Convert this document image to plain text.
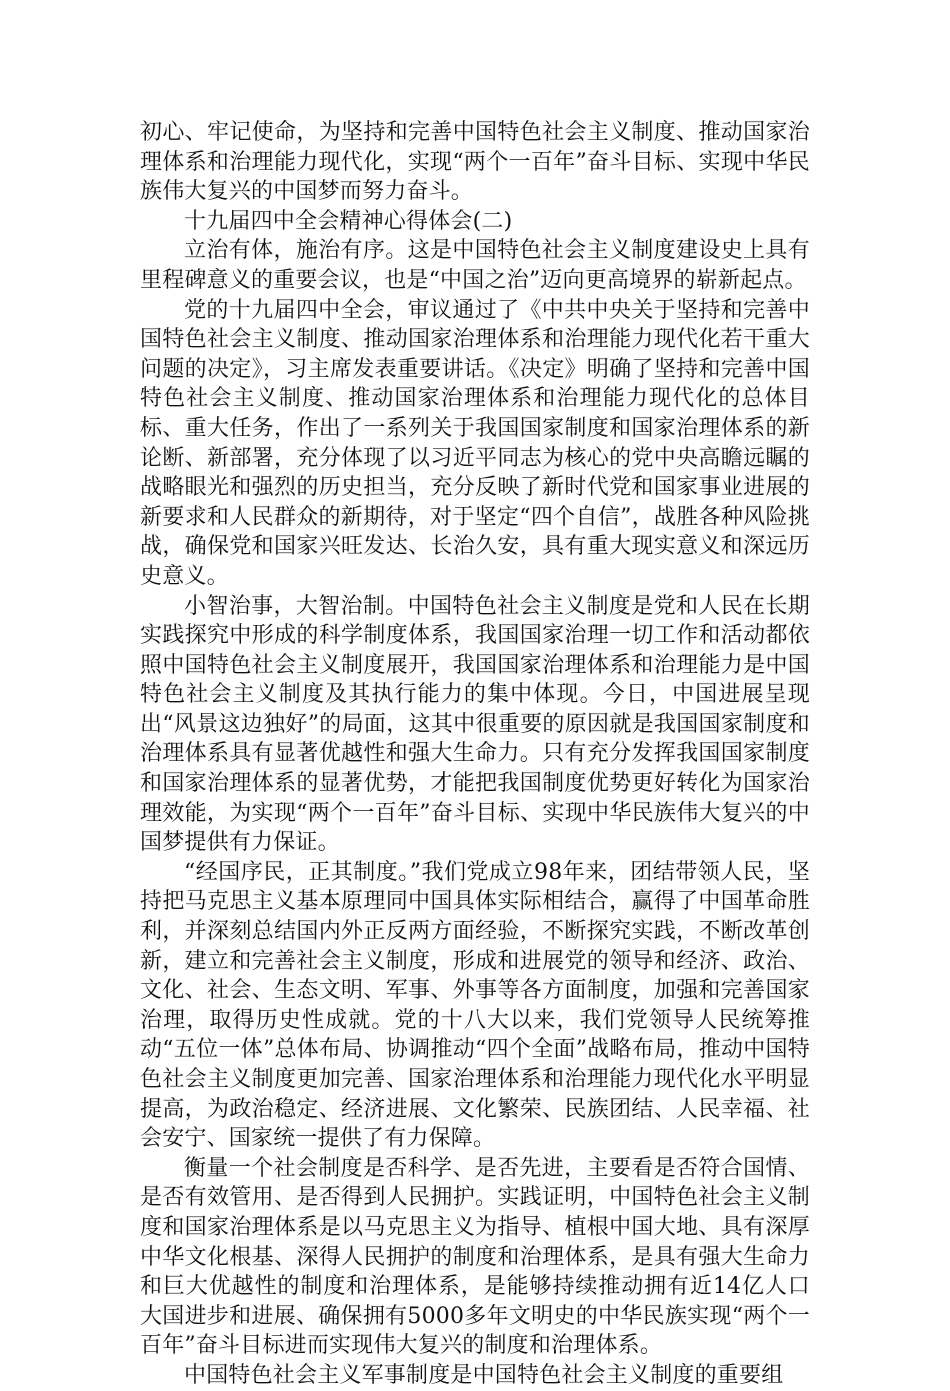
初心、牢记使命，为坚持和完善中国特色社会主义制度、推动国家治理体系和治理能力现代化，实现“两个一百年”奋斗目标、实现中华民族伟大复兴的中国梦而努力奋斗。

十九届四中全会精神心得体会(二)

立治有体，施治有序。这是中国特色社会主义制度建设史上具有里程碑意义的重要会议，也是“中国之治”迈向更高境界的崭新起点。

党的十九届四中全会，审议通过了《中共中央关于坚持和完善中国特色社会主义制度、推动国家治理体系和治理能力现代化若干重大问题的决定》，习主席发表重要讲话。《决定》明确了坚持和完善中国特色社会主义制度、推动国家治理体系和治理能力现代化的总体目标、重大任务，作出了一系列关于我国国家制度和国家治理体系的新论断、新部署，充分体现了以习近平同志为核心的党中央高瞻远瞩的战略眼光和强烈的历史担当，充分反映了新时代党和国家事业进展的新要求和人民群众的新期待，对于坚定“四个自信”，战胜各种风险挑战，确保党和国家兴旺发达、长治久安，具有重大现实意义和深远历史意义。

小智治事，大智治制。中国特色社会主义制度是党和人民在长期实践探究中形成的科学制度体系，我国国家治理一切工作和活动都依照中国特色社会主义制度展开，我国国家治理体系和治理能力是中国特色社会主义制度及其执行能力的集中体现。今日，中国进展呈现出“风景这边独好”的局面，这其中很重要的原因就是我国国家制度和治理体系具有显著优越性和强大生命力。只有充分发挥我国国家制度和国家治理体系的显著优势，才能把我国制度优势更好转化为国家治理效能，为实现“两个一百年”奋斗目标、实现中华民族伟大复兴的中国梦提供有力保证。

“经国序民，正其制度。”我们党成立98年来，团结带领人民，坚持把马克思主义基本原理同中国具体实际相结合，赢得了中国革命胜利，并深刻总结国内外正反两方面经验，不断探究实践，不断改革创新，建立和完善社会主义制度，形成和进展党的领导和经济、政治、文化、社会、生态文明、军事、外事等各方面制度，加强和完善国家治理，取得历史性成就。党的十八大以来，我们党领导人民统筹推动“五位一体”总体布局、协调推动“四个全面”战略布局，推动中国特色社会主义制度更加完善、国家治理体系和治理能力现代化水平明显提高，为政治稳定、经济进展、文化繁荣、民族团结、人民幸福、社会安宁、国家统一提供了有力保障。

衡量一个社会制度是否科学、是否先进，主要看是否符合国情、是否有效管用、是否得到人民拥护。实践证明，中国特色社会主义制度和国家治理体系是以马克思主义为指导、植根中国大地、具有深厚中华文化根基、深得人民拥护的制度和治理体系，是具有强大生命力和巨大优越性的制度和治理体系，是能够持续推动拥有近14亿人口大国进步和进展、确保拥有5000多年文明史的中华民族实现“两个一百年”奋斗目标进而实现伟大复兴的制度和治理体系。

中国特色社会主义军事制度是中国特色社会主义制度的重要组
